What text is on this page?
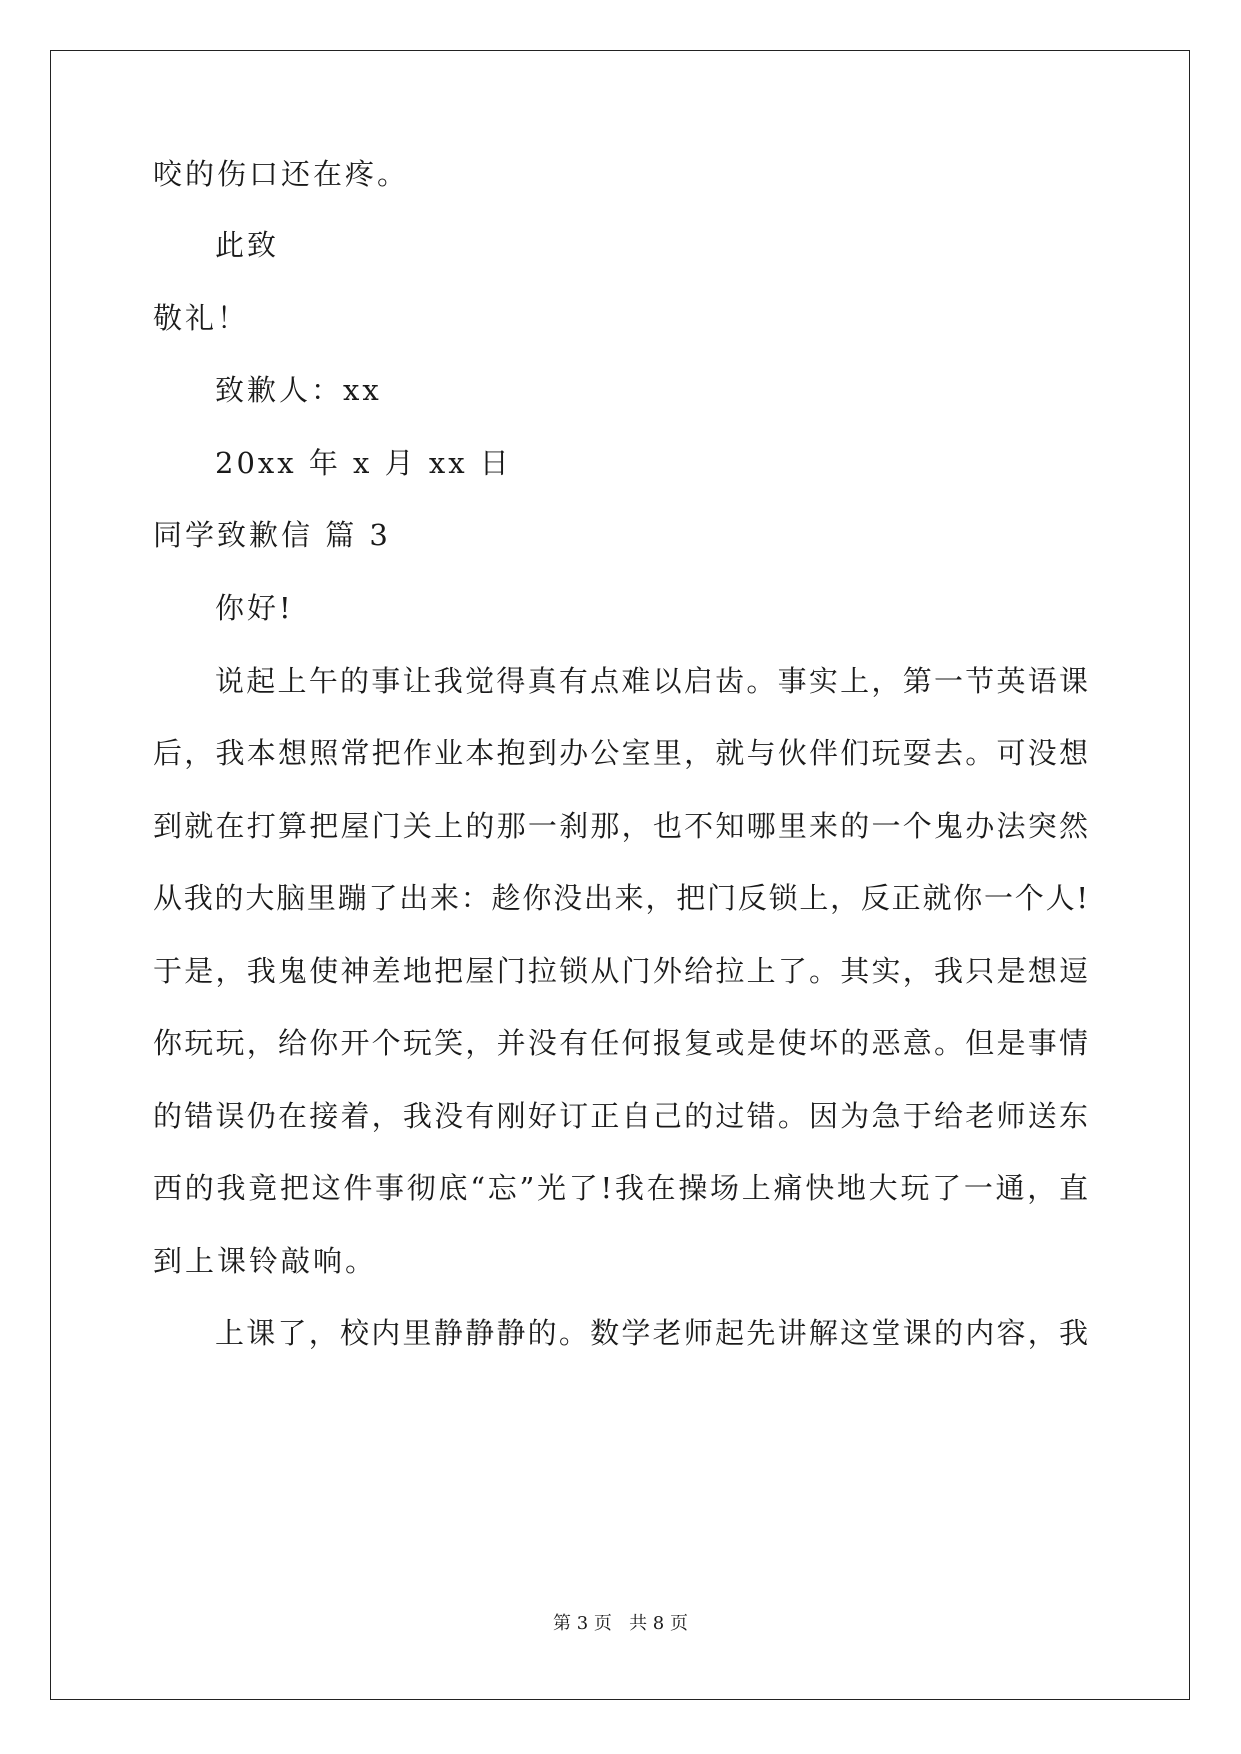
咬的伤口还在疼。
此致
敬礼！
致歉人：xx
20xx 年 x 月 xx 日
同学致歉信 篇 3
你好!
说起上午的事让我觉得真有点难以启齿。事实上，第一节英语课
后，我本想照常把作业本抱到办公室里，就与伙伴们玩耍去。可没想
到就在打算把屋门关上的那一刹那，也不知哪里来的一个鬼办法突然
从我的大脑里蹦了出来：趁你没出来，把门反锁上，反正就你一个人!
于是，我鬼使神差地把屋门拉锁从门外给拉上了。其实，我只是想逗
你玩玩，给你开个玩笑，并没有任何报复或是使坏的恶意。但是事情
的错误仍在接着，我没有刚好订正自己的过错。因为急于给老师送东
西的我竟把这件事彻底“忘”光了!我在操场上痛快地大玩了一通，直
到上课铃敲响。
上课了，校内里静静静的。数学老师起先讲解这堂课的内容，我
第 3 页   共 8 页
